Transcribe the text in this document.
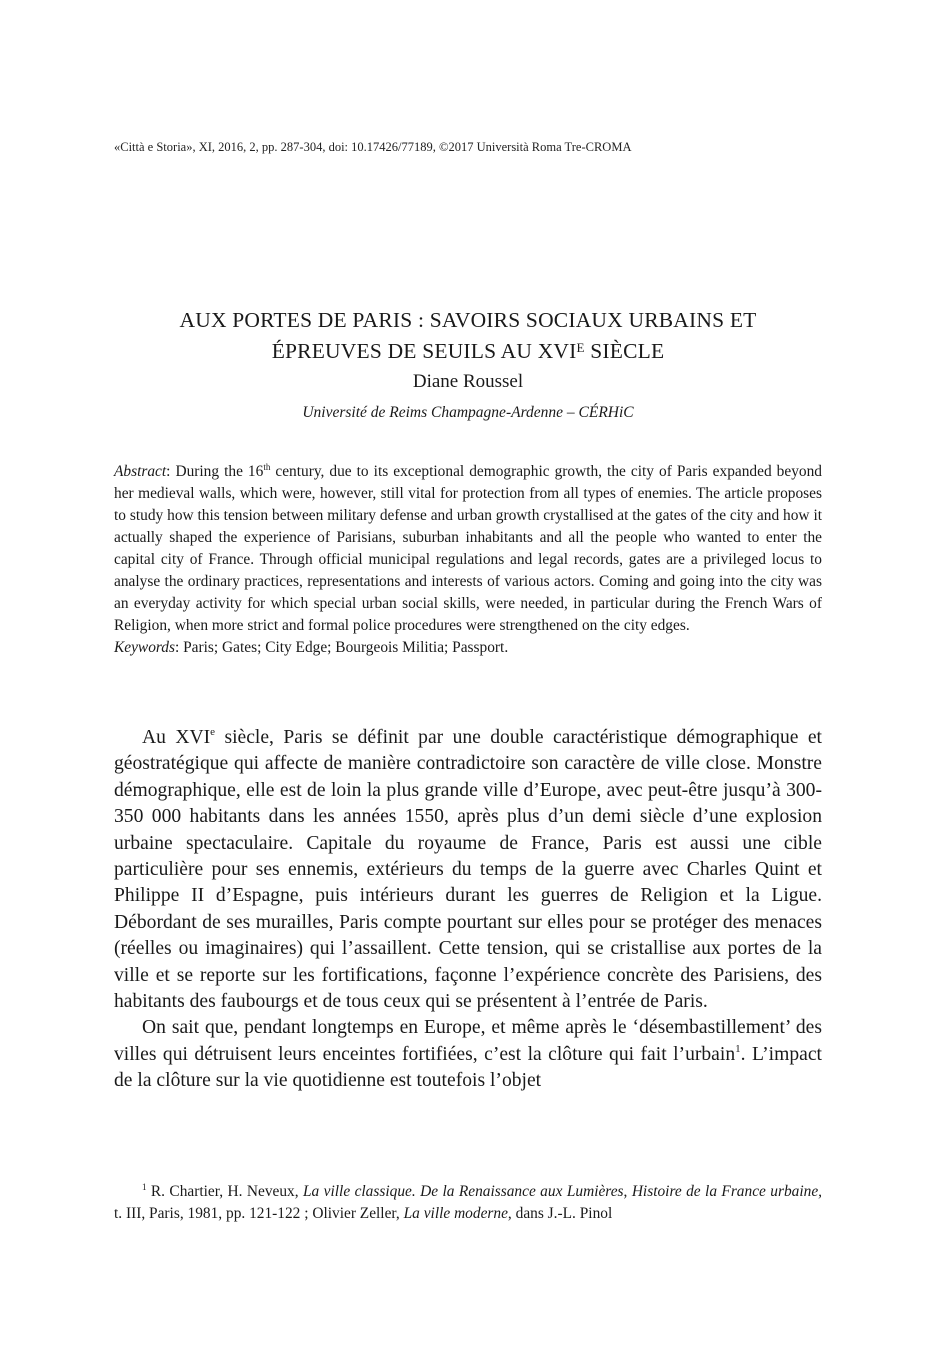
«Città e Storia», XI, 2016, 2, pp. 287-304, doi: 10.17426/77189, ©2017 Università Roma Tre-CROMA
AUX PORTES DE PARIS : SAVOIRS SOCIAUX URBAINS ET
ÉPREUVES DE SEUILS AU $XVI^E$ SIÈCLE
Diane Roussel
Université de Reims Champagne-Ardenne – CÉRHiC

Abstract: During the 16th century, due to its exceptional demographic growth, the city of Paris expanded beyond her medieval walls, which were, however, still vital for protection from all types of enemies. The article proposes to study how this tension between military defense and urban growth crystallised at the gates of the city and how it actually shaped the experience of Parisians, suburban inhabitants and all the people who wanted to enter the capital city of France. Through official municipal regulations and legal records, gates are a privileged locus to analyse the ordinary practices, representations and interests of various actors. Coming and going into the city was an everyday activity for which special urban social skills, were needed, in particular during the French Wars of Religion, when more strict and formal police procedures were strengthened on the city edges.

Keywords: Paris; Gates; City Edge; Bourgeois Militia; Passport.

Au XVIe siècle, Paris se définit par une double caractéristique démographique et géostratégique qui affecte de manière contradictoire son caractère de ville close. Monstre démographique, elle est de loin la plus grande ville d’Europe, avec peut-être jusqu’à 300-350 000 habitants dans les années 1550, après plus d’un demi siècle d’une explosion urbaine spectaculaire. Capitale du royaume de France, Paris est aussi une cible particulière pour ses ennemis, extérieurs du temps de la guerre avec Charles Quint et Philippe II d’Espagne, puis intérieurs durant les guerres de Religion et la Ligue. Débordant de ses murailles, Paris compte pourtant sur elles pour se protéger des menaces (réelles ou imaginaires) qui l’assaillent. Cette tension, qui se cristallise aux portes de la ville et se reporte sur les fortifications, façonne l’expérience concrète des Parisiens, des habitants des faubourgs et de tous ceux qui se présentent à l’entrée de Paris.

On sait que, pendant longtemps en Europe, et même après le ‘désembastillement’ des villes qui détruisent leurs enceintes fortifiées, c’est la clôture qui fait l’urbain$^1$. L’impact de la clôture sur la vie quotidienne est toutefois l’objet

$^1$ R. Chartier, H. Neveux, La ville classique. De la Renaissance aux Lumières, Histoire de la France urbaine, t. III, Paris, 1981, pp. 121-122 ; Olivier Zeller, La ville moderne, dans J.-L. Pinol
